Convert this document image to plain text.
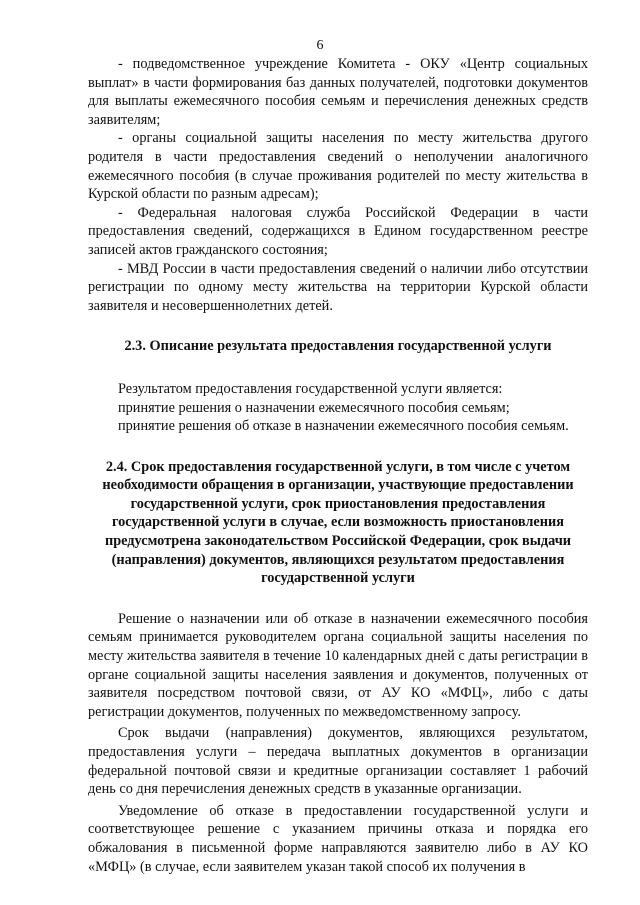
6

- подведомственное учреждение Комитета - ОКУ «Центр социальных выплат» в части формирования баз данных получателей, подготовки документов для выплаты ежемесячного пособия семьям и перечисления денежных средств заявителям;

- органы социальной защиты населения по месту жительства другого родителя в части предоставления сведений о неполучении аналогичного ежемесячного пособия (в случае проживания родителей по месту жительства в Курской области по разным адресам);

- Федеральная налоговая служба Российской Федерации в части предоставления сведений, содержащихся в Едином государственном реестре записей актов гражданского состояния;

- МВД России в части предоставления сведений о наличии либо отсутствии регистрации по одному месту жительства на территории Курской области заявителя и несовершеннолетних детей.

2.3. Описание результата предоставления государственной услуги

Результатом предоставления государственной услуги является:

принятие решения о назначении ежемесячного пособия семьям;

принятие решения об отказе в назначении ежемесячного пособия семьям.

2.4. Срок предоставления государственной услуги, в том числе с учетом необходимости обращения в организации, участвующие предоставлении государственной услуги, срок приостановления предоставления государственной услуги в случае, если возможность приостановления предусмотрена законодательством Российской Федерации, срок выдачи (направления) документов, являющихся результатом предоставления государственной услуги

Решение о назначении или об отказе в назначении ежемесячного пособия семьям принимается руководителем органа социальной защиты населения по месту жительства заявителя в течение 10 календарных дней с даты регистрации в органе социальной защиты населения заявления и документов, полученных от заявителя посредством почтовой связи, от АУ КО «МФЦ», либо с даты регистрации документов, полученных по межведомственному запросу.

Срок выдачи (направления) документов, являющихся результатом, предоставления услуги – передача выплатных документов в организации федеральной почтовой связи и кредитные организации составляет 1 рабочий день со дня перечисления денежных средств в указанные организации.

Уведомление об отказе в предоставлении государственной услуги и соответствующее решение с указанием причины отказа и порядка его обжалования в письменной форме направляются заявителю либо в АУ КО «МФЦ» (в случае, если заявителем указан такой способ их получения в
